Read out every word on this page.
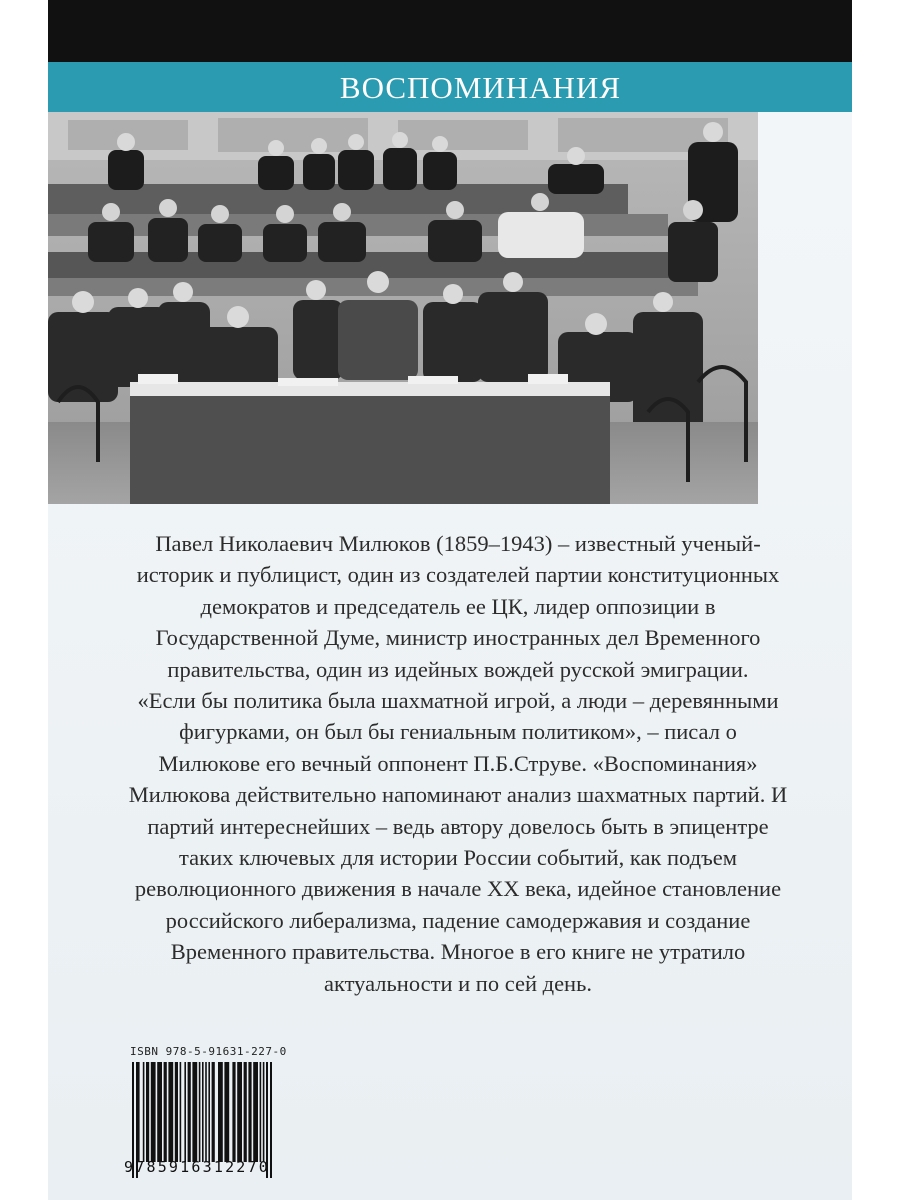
ВОСПОМИНАНИЯ

Павел Николаевич Милюков (1859–1943) – известный ученый-историк и публицист, один из создателей партии конституционных демократов и председатель ее ЦК, лидер оппозиции в Государственной Думе, министр иностранных дел Временного правительства, один из идейных вождей русской эмиграции.

«Если бы политика была шахматной игрой, а люди – деревянными фигурками, он был бы гениальным политиком», – писал о Милюкове его вечный оппонент П.Б.Струве. «Воспоминания» Милюкова действительно напоминают анализ шахматных партий. И партий интереснейших – ведь автору довелось быть в эпицентре таких ключевых для истории России событий, как подъем революционного движения в начале XX века, идейное становление российского либерализма, падение самодержавия и создание Временного правительства. Многое в его книге не утратило актуальности и по сей день.

ISBN 978-5-91631-227-0
9785916312270
